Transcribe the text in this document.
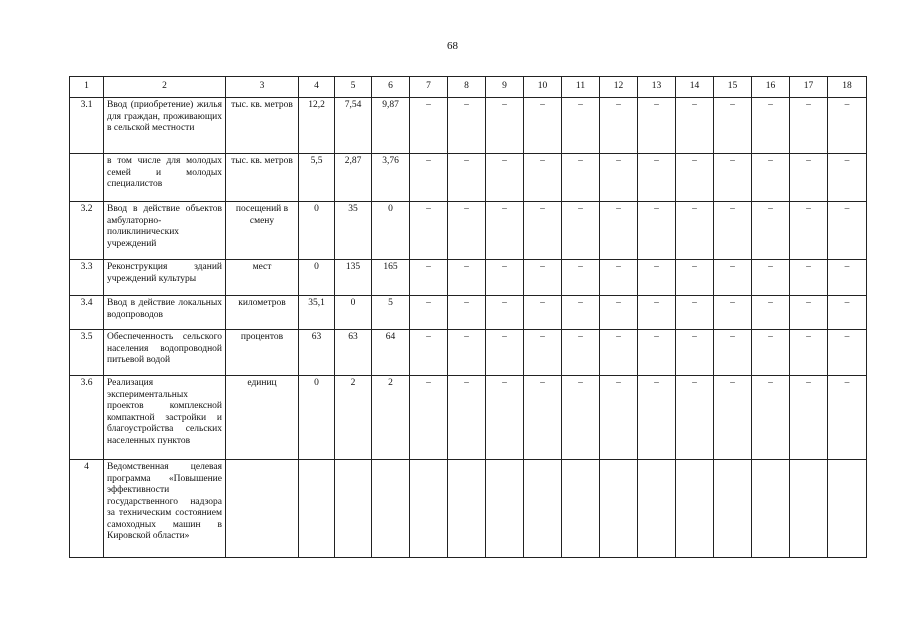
68
1	2	3	4	5	6	7	8	9	10	11	12	13	14	15	16	17	18
3.1	Ввод (приобретение) жилья для граждан, проживающих в сельской местности	тыс. кв. метров	12,2	7,54	9,87	–	–	–	–	–	–	–	–	–	–	–	–
	в том числе для молодых семей и молодых специалистов	тыс. кв. метров	5,5	2,87	3,76	–	–	–	–	–	–	–	–	–	–	–	–
3.2	Ввод в действие объектов амбулаторно-поликлинических учреждений	посещений в смену	0	35	0	–	–	–	–	–	–	–	–	–	–	–	–
3.3	Реконструкция зданий учреждений культуры	мест	0	135	165	–	–	–	–	–	–	–	–	–	–	–	–
3.4	Ввод в действие локальных водопроводов	километров	35,1	0	5	–	–	–	–	–	–	–	–	–	–	–	–
3.5	Обеспеченность сельского населения водопроводной питьевой водой	процентов	63	63	64	–	–	–	–	–	–	–	–	–	–	–	–
3.6	Реализация экспериментальных проектов комплексной компактной застройки и благоустройства сельских населенных пунктов	единиц	0	2	2	–	–	–	–	–	–	–	–	–	–	–	–
4	Ведомственная целевая программа «Повышение эффективности государственного надзора за техническим состоянием самоходных машин в Кировской области»																
